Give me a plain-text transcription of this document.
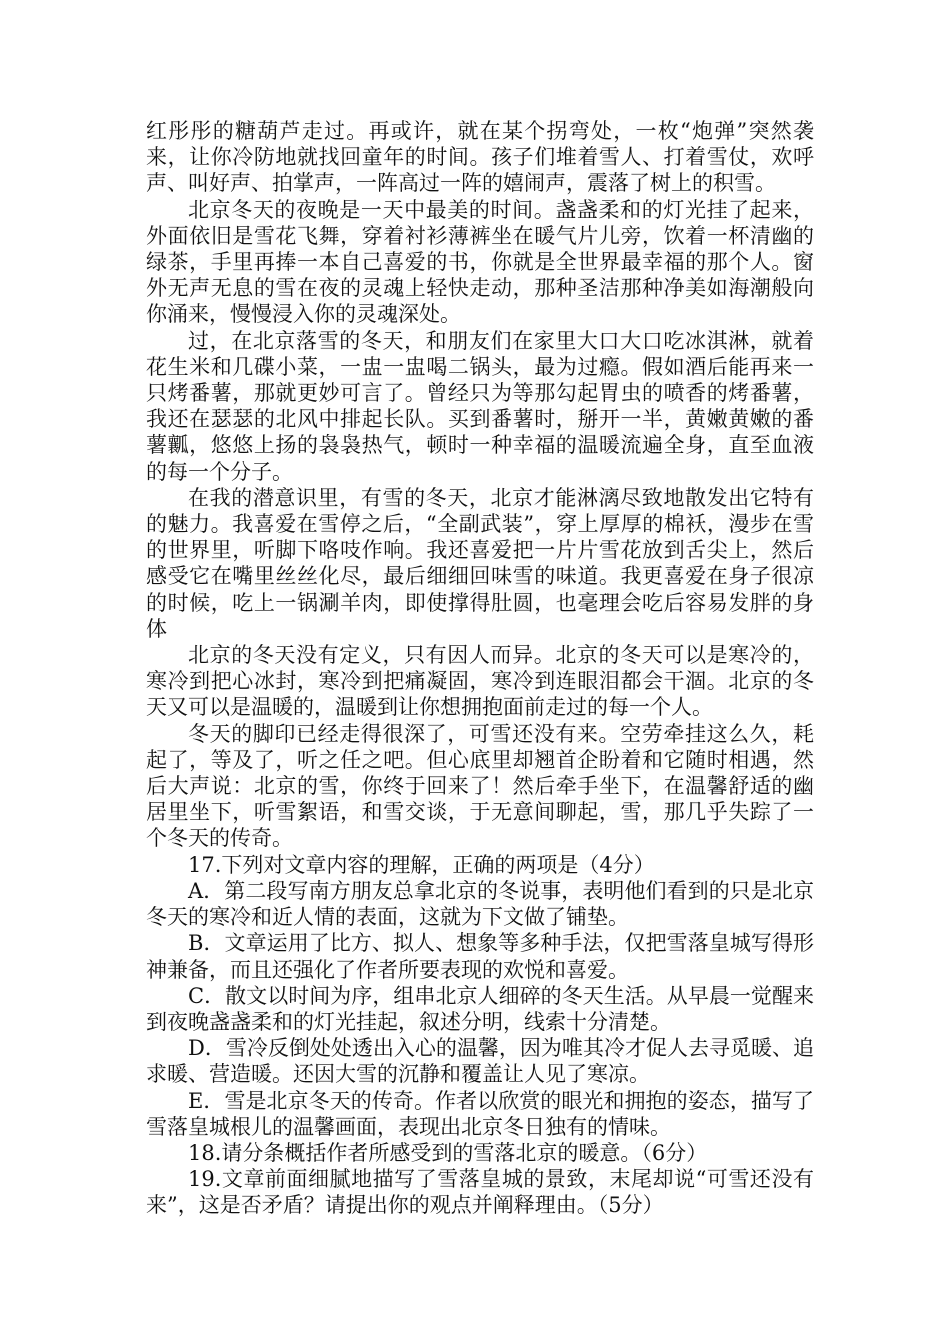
红彤彤的糖葫芦走过。再或许，就在某个拐弯处，一枚“炮弹”突然袭来，让你冷防地就找回童年的时间。孩子们堆着雪人、打着雪仗，欢呼声、叫好声、拍掌声，一阵高过一阵的嬉闹声，震落了树上的积雪。

北京冬天的夜晚是一天中最美的时间。盏盏柔和的灯光挂了起来，外面依旧是雪花飞舞，穿着衬衫薄裤坐在暖气片儿旁，饮着一杯清幽的绿茶，手里再捧一本自己喜爱的书，你就是全世界最幸福的那个人。窗外无声无息的雪在夜的灵魂上轻快走动，那种圣洁那种净美如海潮般向你涌来，慢慢浸入你的灵魂深处。

过，在北京落雪的冬天，和朋友们在家里大口大口吃冰淇淋，就着花生米和几碟小菜，一盅一盅喝二锅头，最为过瘾。假如酒后能再来一只烤番薯，那就更妙可言了。曾经只为等那勾起胃虫的喷香的烤番薯，我还在瑟瑟的北风中排起长队。买到番薯时，掰开一半，黄嫩黄嫩的番薯瓤，悠悠上扬的袅袅热气，顿时一种幸福的温暖流遍全身，直至血液的每一个分子。

在我的潜意识里，有雪的冬天，北京才能淋漓尽致地散发出它特有的魅力。我喜爱在雪停之后，“全副武装”，穿上厚厚的棉袄，漫步在雪的世界里，听脚下咯吱作响。我还喜爱把一片片雪花放到舌尖上，然后感受它在嘴里丝丝化尽，最后细细回味雪的味道。我更喜爱在身子很凉的时候，吃上一锅涮羊肉，即使撑得肚圆，也毫理会吃后容易发胖的身体

北京的冬天没有定义，只有因人而异。北京的冬天可以是寒冷的，寒冷到把心冰封，寒冷到把痛凝固，寒冷到连眼泪都会干涸。北京的冬天又可以是温暖的，温暖到让你想拥抱面前走过的每一个人。

冬天的脚印已经走得很深了，可雪还没有来。空劳牵挂这么久，耗起了，等及了，听之任之吧。但心底里却翘首企盼着和它随时相遇，然后大声说：北京的雪，你终于回来了！然后牵手坐下，在温馨舒适的幽居里坐下，听雪絮语，和雪交谈，于无意间聊起，雪，那几乎失踪了一个冬天的传奇。

17.下列对文章内容的理解，正确的两项是（4分）

A．第二段写南方朋友总拿北京的冬说事，表明他们看到的只是北京冬天的寒冷和近人情的表面，这就为下文做了铺垫。

B．文章运用了比方、拟人、想象等多种手法，仅把雪落皇城写得形神兼备，而且还强化了作者所要表现的欢悦和喜爱。

C．散文以时间为序，组串北京人细碎的冬天生活。从早晨一觉醒来到夜晚盏盏柔和的灯光挂起，叙述分明，线索十分清楚。

D．雪冷反倒处处透出入心的温馨，因为唯其冷才促人去寻觅暖、追求暖、营造暖。还因大雪的沉静和覆盖让人见了寒凉。

E．雪是北京冬天的传奇。作者以欣赏的眼光和拥抱的姿态，描写了雪落皇城根儿的温馨画面，表现出北京冬日独有的情味。

18.请分条概括作者所感受到的雪落北京的暖意。（6分）

19.文章前面细腻地描写了雪落皇城的景致，末尾却说“可雪还没有来”，这是否矛盾？请提出你的观点并阐释理由。（5分）
